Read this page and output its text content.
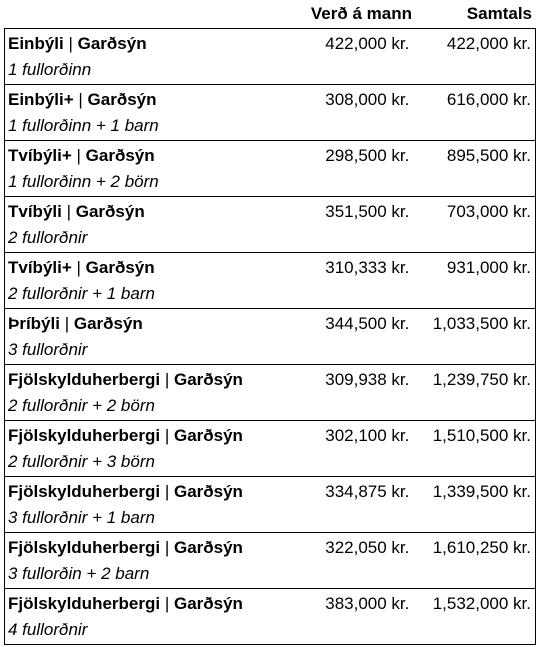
Verð á mann	Samtals
Einbýli | Garðsýn
1 fullorðinn	422,000 kr.	422,000 kr.

Einbýli+ | Garðsýn
1 fullorðinn + 1 barn	308,000 kr.	616,000 kr.

Tvíbýli+ | Garðsýn
1 fullorðinn + 2 börn	298,500 kr.	895,500 kr.

Tvíbýli | Garðsýn
2 fullorðnir	351,500 kr.	703,000 kr.

Tvíbýli+ | Garðsýn
2 fullorðnir + 1 barn	310,333 kr.	931,000 kr.

Þríbýli | Garðsýn
3 fullorðnir	344,500 kr.	1,033,500 kr.

Fjölskylduherbergi | Garðsýn
2 fullorðnir + 2 börn	309,938 kr.	1,239,750 kr.

Fjölskylduherbergi | Garðsýn
2 fullorðnir + 3 börn	302,100 kr.	1,510,500 kr.

Fjölskylduherbergi | Garðsýn
3 fullorðnir + 1 barn	334,875 kr.	1,339,500 kr.

Fjölskylduherbergi | Garðsýn
3 fullorðin + 2 barn	322,050 kr.	1,610,250 kr.

Fjölskylduherbergi | Garðsýn
4 fullorðnir	383,000 kr.	1,532,000 kr.
